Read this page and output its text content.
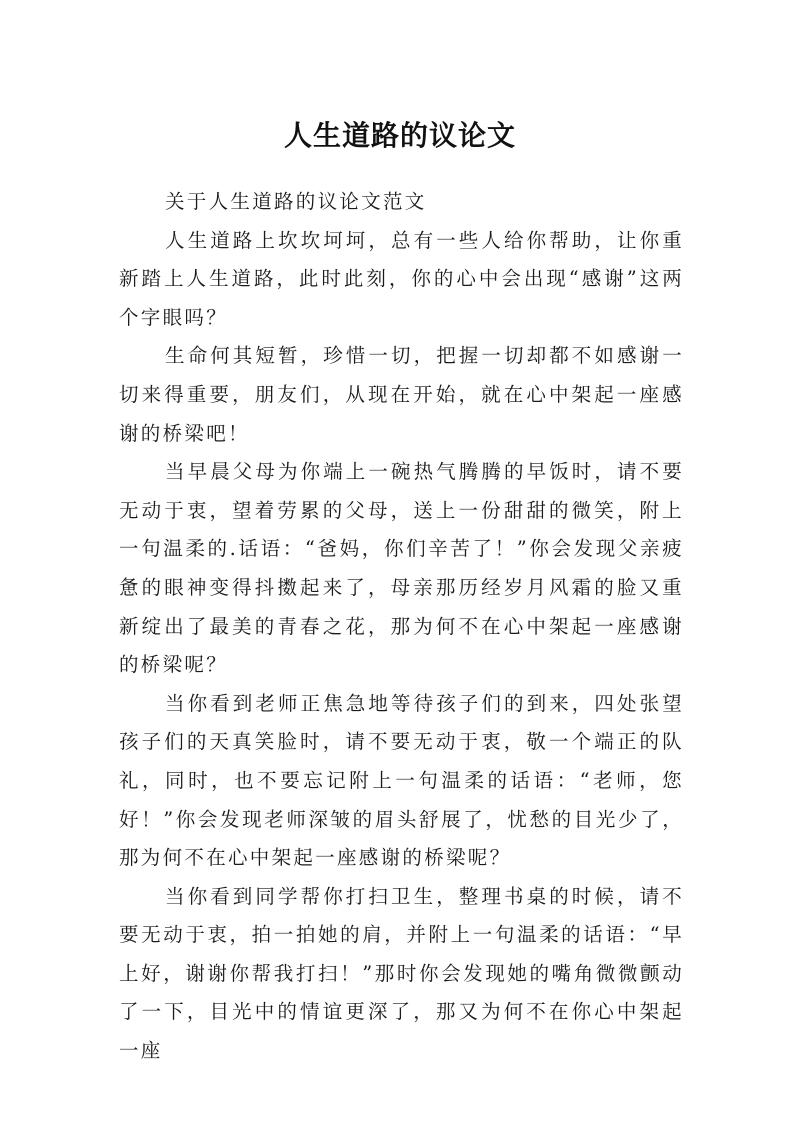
人生道路的议论文

关于人生道路的议论文范文

人生道路上坎坎坷坷，总有一些人给你帮助，让你重新踏上人生道路，此时此刻，你的心中会出现“感谢”这两个字眼吗？

生命何其短暂，珍惜一切，把握一切却都不如感谢一切来得重要，朋友们，从现在开始，就在心中架起一座感谢的桥梁吧！

当早晨父母为你端上一碗热气腾腾的早饭时，请不要无动于衷，望着劳累的父母，送上一份甜甜的微笑，附上一句温柔的.话语：“爸妈，你们辛苦了！”你会发现父亲疲惫的眼神变得抖擞起来了，母亲那历经岁月风霜的脸又重新绽出了最美的青春之花，那为何不在心中架起一座感谢的桥梁呢？

当你看到老师正焦急地等待孩子们的到来，四处张望孩子们的天真笑脸时，请不要无动于衷，敬一个端正的队礼，同时，也不要忘记附上一句温柔的话语：“老师，您好！”你会发现老师深皱的眉头舒展了，忧愁的目光少了，那为何不在心中架起一座感谢的桥梁呢？

当你看到同学帮你打扫卫生，整理书桌的时候，请不要无动于衷，拍一拍她的肩，并附上一句温柔的话语：“早上好，谢谢你帮我打扫！”那时你会发现她的嘴角微微颤动了一下，目光中的情谊更深了，那又为何不在你心中架起一座
